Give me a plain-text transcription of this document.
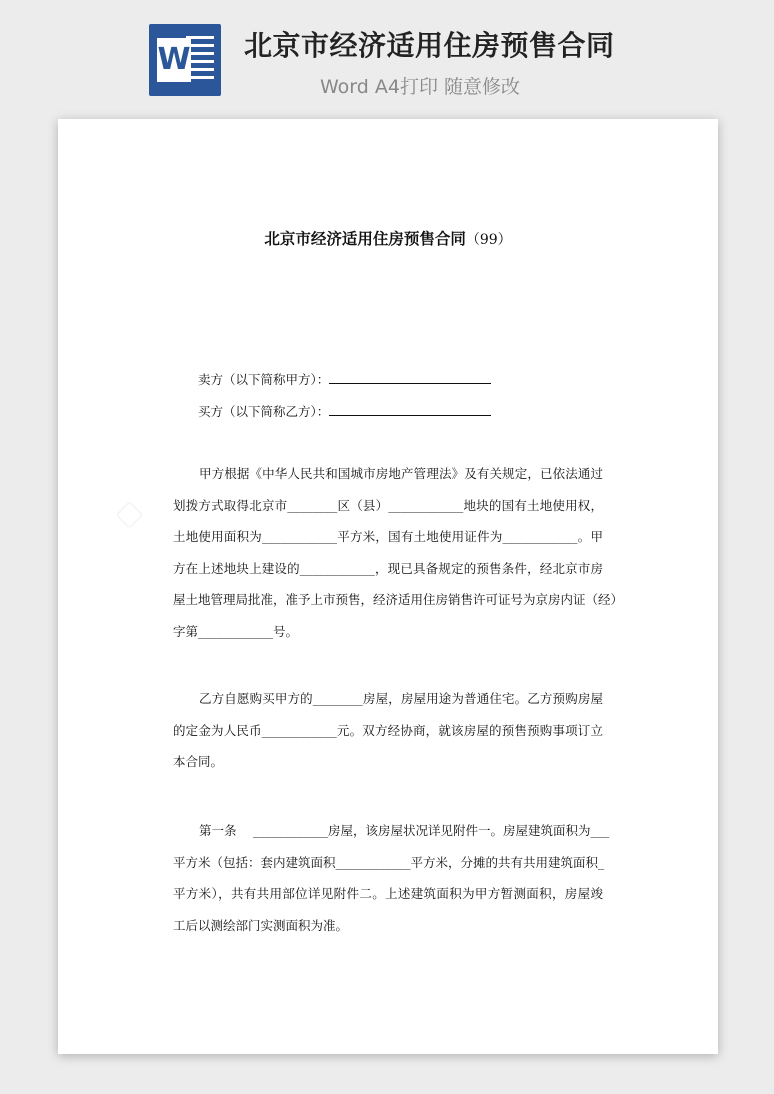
W 北京市经济适用住房预售合同
Word A4打印 随意修改
▢
北京市经济适用住房预售合同（99）
卖方（以下简称甲方）：
买方（以下简称乙方）：
甲方根据《中华人民共和国城市房地产管理法》及有关规定，已依法通过
划拨方式取得北京市________区（县）____________地块的国有土地使用权，
土地使用面积为____________平方米，国有土地使用证件为____________。甲
方在上述地块上建设的____________，现已具备规定的预售条件，经北京市房
屋土地管理局批准，准予上市预售，经济适用住房销售许可证号为京房内证（经）
字第____________号。
乙方自愿购买甲方的________房屋，房屋用途为普通住宅。乙方预购房屋
的定金为人民币____________元。双方经协商，就该房屋的预售预购事项订立
本合同。
第一条　 ____________房屋，该房屋状况详见附件一。房屋建筑面积为___
平方米（包括：套内建筑面积____________平方米，分摊的共有共用建筑面积_
平方米），共有共用部位详见附件二。上述建筑面积为甲方暂测面积，房屋竣
工后以测绘部门实测面积为准。
